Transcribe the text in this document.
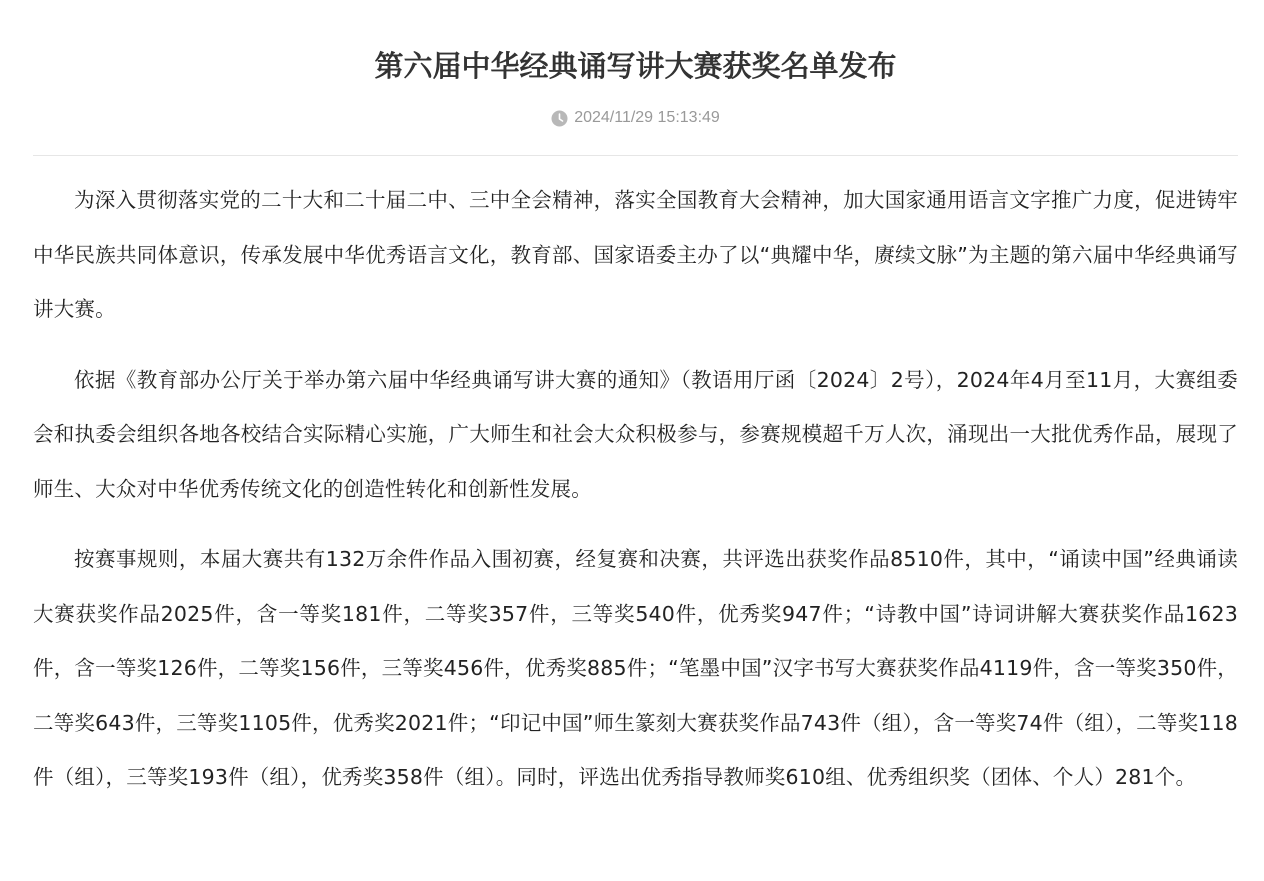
第六届中华经典诵写讲大赛获奖名单发布
2024/11/29 15:13:49

为深入贯彻落实党的二十大和二十届二中、三中全会精神，落实全国教育大会精神，加大国家通用语言文字推广力度，促进铸牢中华民族共同体意识，传承发展中华优秀语言文化，教育部、国家语委主办了以“典耀中华，赓续文脉”为主题的第六届中华经典诵写讲大赛。

依据《教育部办公厅关于举办第六届中华经典诵写讲大赛的通知》（教语用厅函〔2024〕2号），2024年4月至11月，大赛组委会和执委会组织各地各校结合实际精心实施，广大师生和社会大众积极参与，参赛规模超千万人次，涌现出一大批优秀作品，展现了师生、大众对中华优秀传统文化的创造性转化和创新性发展。

按赛事规则，本届大赛共有132万余件作品入围初赛，经复赛和决赛，共评选出获奖作品8510件，其中，“诵读中国”经典诵读大赛获奖作品2025件，含一等奖181件，二等奖357件，三等奖540件，优秀奖947件；“诗教中国”诗词讲解大赛获奖作品1623件，含一等奖126件，二等奖156件，三等奖456件，优秀奖885件；“笔墨中国”汉字书写大赛获奖作品4119件，含一等奖350件，二等奖643件，三等奖1105件，优秀奖2021件；“印记中国”师生篆刻大赛获奖作品743件（组），含一等奖74件（组），二等奖118件（组），三等奖193件（组），优秀奖358件（组）。同时，评选出优秀指导教师奖610组、优秀组织奖（团体、个人）281个。
